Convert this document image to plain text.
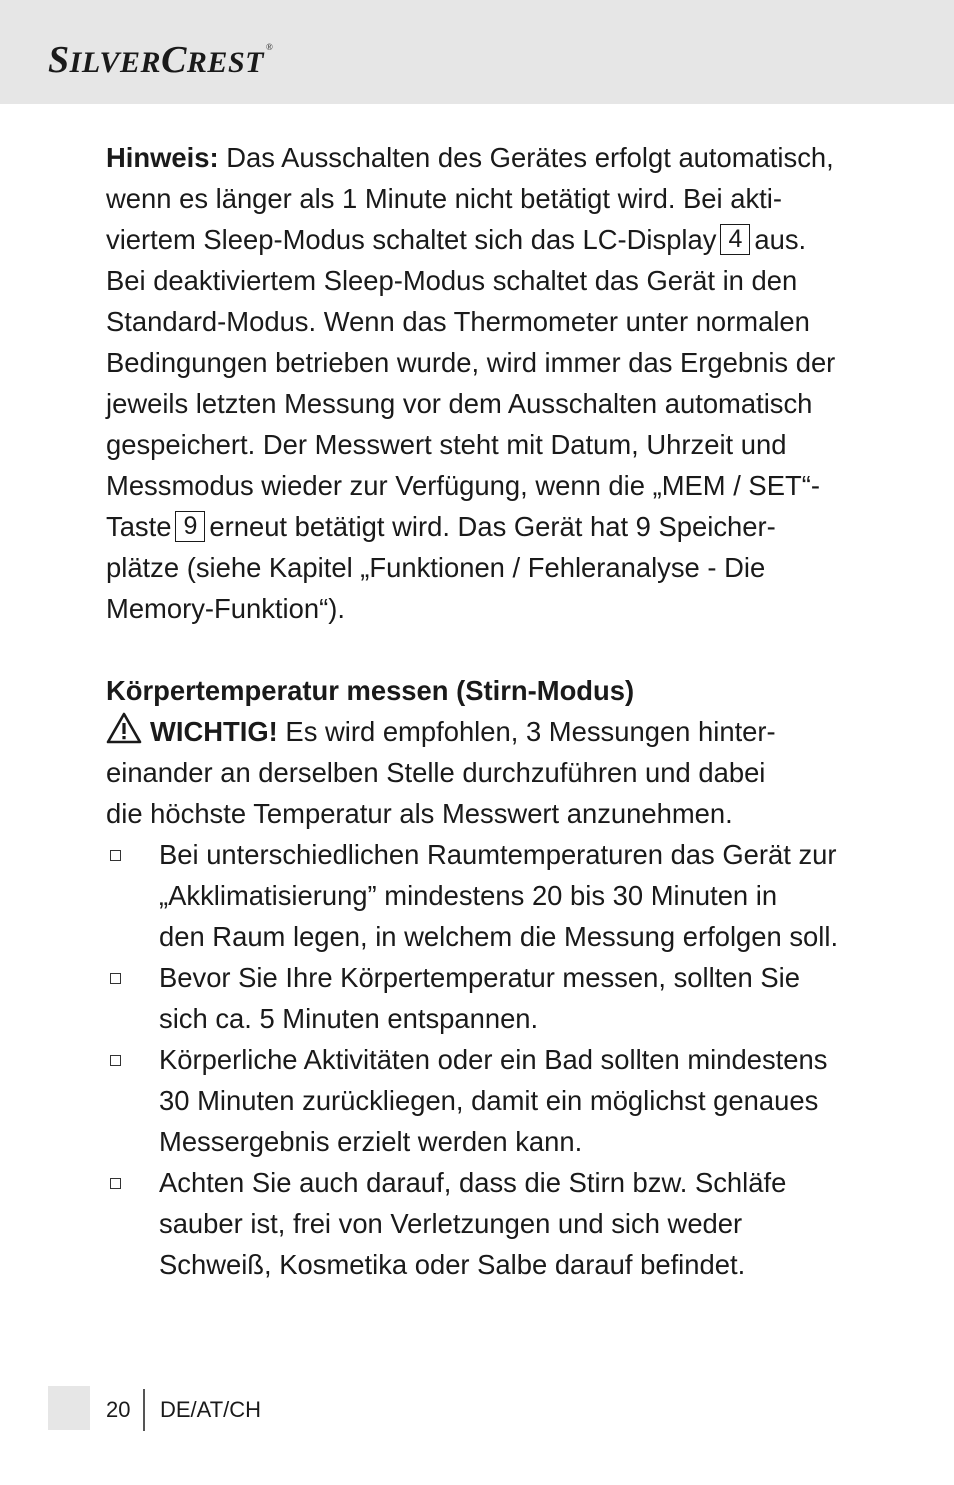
SILVERCREST ®
Hinweis: Das Ausschalten des Gerätes erfolgt automatisch,
wenn es länger als 1 Minute nicht betätigt wird. Bei akti-
viertem Sleep-Modus schaltet sich das LC-Display 4 aus.
Bei deaktiviertem Sleep-Modus schaltet das Gerät in den
Standard-Modus. Wenn das Thermometer unter normalen
Bedingungen betrieben wurde, wird immer das Ergebnis der
jeweils letzten Messung vor dem Ausschalten automatisch
gespeichert. Der Messwert steht mit Datum, Uhrzeit und
Messmodus wieder zur Verfügung, wenn die „MEM / SET“-
Taste 9 erneut betätigt wird. Das Gerät hat 9 Speicher-
plätze (siehe Kapitel „Funktionen / Fehleranalyse - Die
Memory-Funktion“).
Körpertemperatur messen (Stirn-Modus)
WICHTIG! Es wird empfohlen, 3 Messungen hinter-
einander an derselben Stelle durchzuführen und dabei
die höchste Temperatur als Messwert anzunehmen.
Bei unterschiedlichen Raumtemperaturen das Gerät zur
„Akklimatisierung” mindestens 20 bis 30 Minuten in
den Raum legen, in welchem die Messung erfolgen soll.
Bevor Sie Ihre Körpertemperatur messen, sollten Sie
sich ca. 5 Minuten entspannen.
Körperliche Aktivitäten oder ein Bad sollten mindestens
30 Minuten zurückliegen, damit ein möglichst genaues
Messergebnis erzielt werden kann.
Achten Sie auch darauf, dass die Stirn bzw. Schläfe
sauber ist, frei von Verletzungen und sich weder
Schweiß, Kosmetika oder Salbe darauf befindet.
20 DE/AT/CH
